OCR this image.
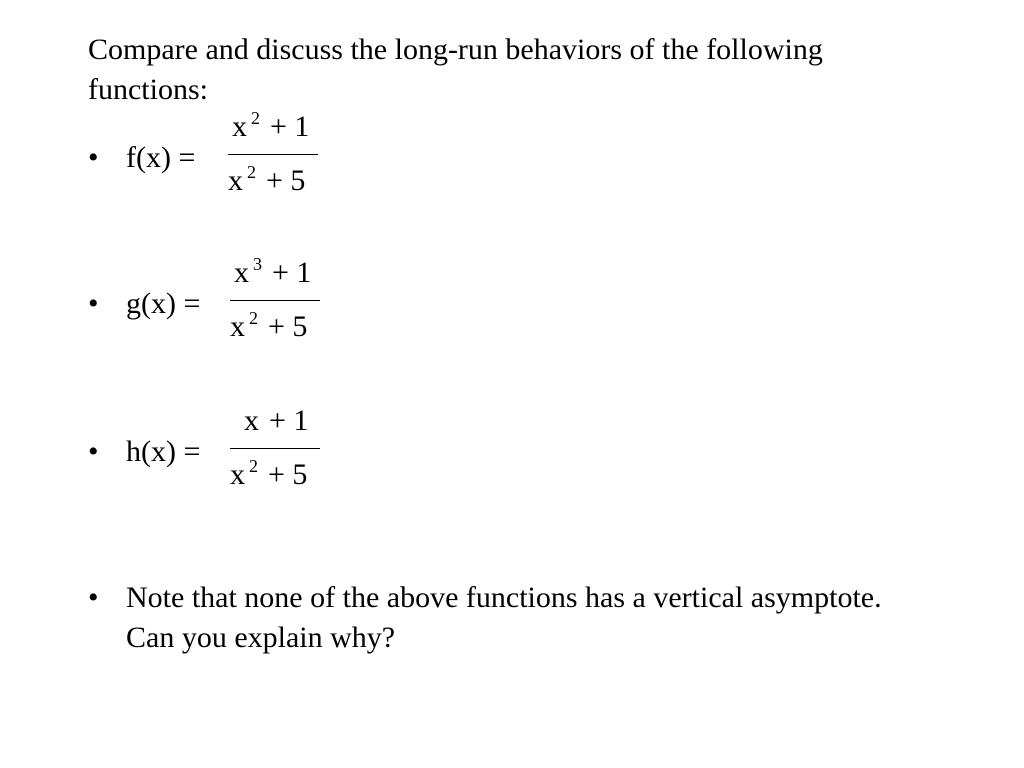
Compare and discuss the long-run behaviors of the following functions:

• f(x) =
x $^2$ + 1
x $^2$ + 5
• g(x) =
x $^3$ + 1
x $^2$ + 5
• h(x) =
x + 1
x $^2$ + 5
• Note that none of the above functions has a vertical asymptote. Can you explain why?
